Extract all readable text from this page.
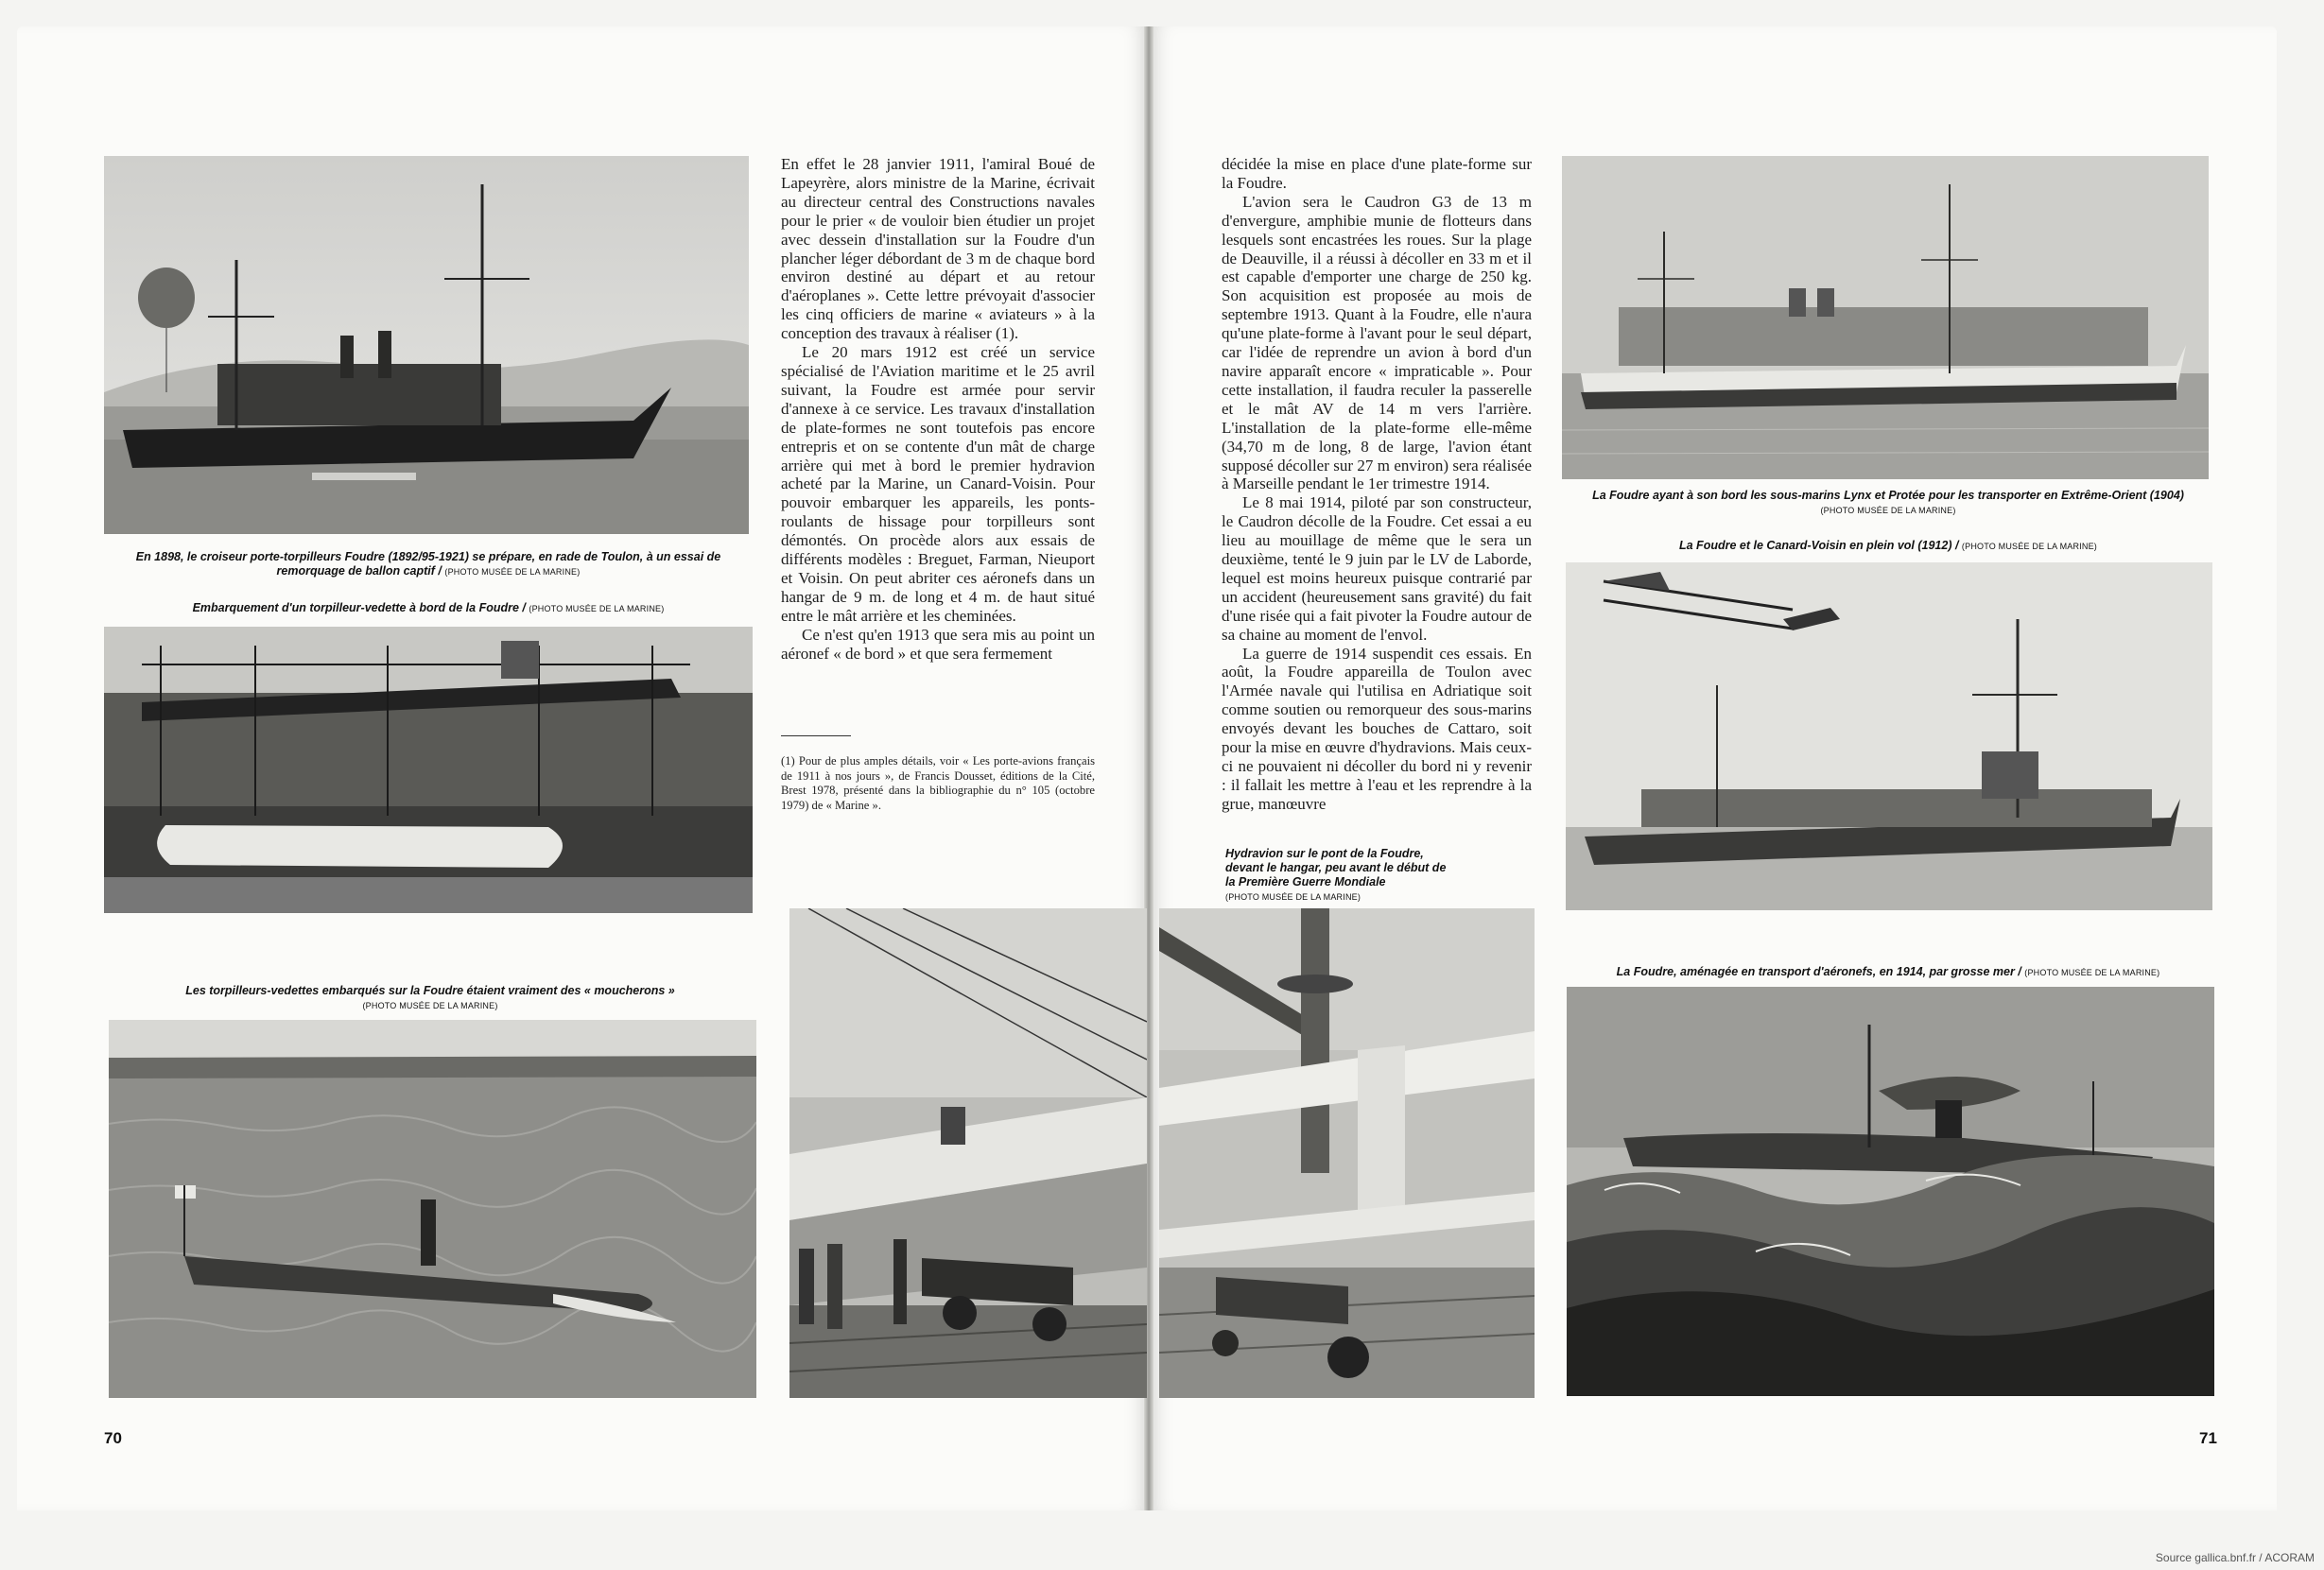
En 1898, le croiseur porte-torpilleurs Foudre (1892/95-1921) se prépare, en rade de Toulon, à un essai de remorquage de ballon captif / (PHOTO MUSÉE DE LA MARINE)
Embarquement d'un torpilleur-vedette à bord de la Foudre / (PHOTO MUSÉE DE LA MARINE)
Les torpilleurs-vedettes embarqués sur la Foudre étaient vraiment des « moucherons »
(PHOTO MUSÉE DE LA MARINE)

En effet le 28 janvier 1911, l'amiral Boué de Lapeyrère, alors ministre de la Marine, écrivait au directeur central des Constructions navales pour le prier « de vouloir bien étudier un projet avec dessein d'installation sur la Foudre d'un plancher léger débordant de 3 m de chaque bord environ destiné au départ et au retour d'aéroplanes ». Cette lettre prévoyait d'associer les cinq officiers de marine « aviateurs » à la conception des travaux à réaliser (1).

Le 20 mars 1912 est créé un service spécialisé de l'Aviation maritime et le 25 avril suivant, la Foudre est armée pour servir d'annexe à ce service. Les travaux d'installation de plate-formes ne sont toutefois pas encore entrepris et on se contente d'un mât de charge arrière qui met à bord le premier hydravion acheté par la Marine, un Canard-Voisin. Pour pouvoir embarquer les appareils, les ponts-roulants de hissage pour torpilleurs sont démontés. On procède alors aux essais de différents modèles : Breguet, Farman, Nieuport et Voisin. On peut abriter ces aéronefs dans un hangar de 9 m. de long et 4 m. de haut situé entre le mât arrière et les cheminées.

Ce n'est qu'en 1913 que sera mis au point un aéronef « de bord » et que sera fermement

(1) Pour de plus amples détails, voir « Les porte-avions français de 1911 à nos jours », de Francis Dousset, éditions de la Cité, Brest 1978, présenté dans la bibliographie du n° 105 (octobre 1979) de « Marine ».
70

décidée la mise en place d'une plate-forme sur la Foudre.

L'avion sera le Caudron G3 de 13 m d'envergure, amphibie munie de flotteurs dans lesquels sont encastrées les roues. Sur la plage de Deauville, il a réussi à décoller en 33 m et il est capable d'emporter une charge de 250 kg. Son acquisition est proposée au mois de septembre 1913. Quant à la Foudre, elle n'aura qu'une plate-forme à l'avant pour le seul départ, car l'idée de reprendre un avion à bord d'un navire apparaît encore « impraticable ». Pour cette installation, il faudra reculer la passerelle et le mât AV de 14 m vers l'arrière. L'installation de la plate-forme elle-même (34,70 m de long, 8 de large, l'avion étant supposé décoller sur 27 m environ) sera réalisée à Marseille pendant le 1er trimestre 1914.

Le 8 mai 1914, piloté par son constructeur, le Caudron décolle de la Foudre. Cet essai a eu lieu au mouillage de même que le sera un deuxième, tenté le 9 juin par le LV de Laborde, lequel est moins heureux puisque contrarié par un accident (heureusement sans gravité) du fait d'une risée qui a fait pivoter la Foudre autour de sa chaine au moment de l'envol.

La guerre de 1914 suspendit ces essais. En août, la Foudre appareilla de Toulon avec l'Armée navale qui l'utilisa en Adriatique soit comme soutien ou remorqueur des sous-marins envoyés devant les bouches de Cattaro, soit pour la mise en œuvre d'hydravions. Mais ceux-ci ne pouvaient ni décoller du bord ni y revenir : il fallait les mettre à l'eau et les reprendre à la grue, manœuvre

La Foudre ayant à son bord les sous-marins Lynx et Protée pour les transporter en Extrême-Orient (1904)
(PHOTO MUSÉE DE LA MARINE)
La Foudre et le Canard-Voisin en plein vol (1912) / (PHOTO MUSÉE DE LA MARINE)
Hydravion sur le pont de la Foudre, devant le hangar, peu avant le début de la Première Guerre Mondiale
(PHOTO MUSÉE DE LA MARINE)
La Foudre, aménagée en transport d'aéronefs, en 1914, par grosse mer / (PHOTO MUSÉE DE LA MARINE)
71
Source gallica.bnf.fr / ACORAM
